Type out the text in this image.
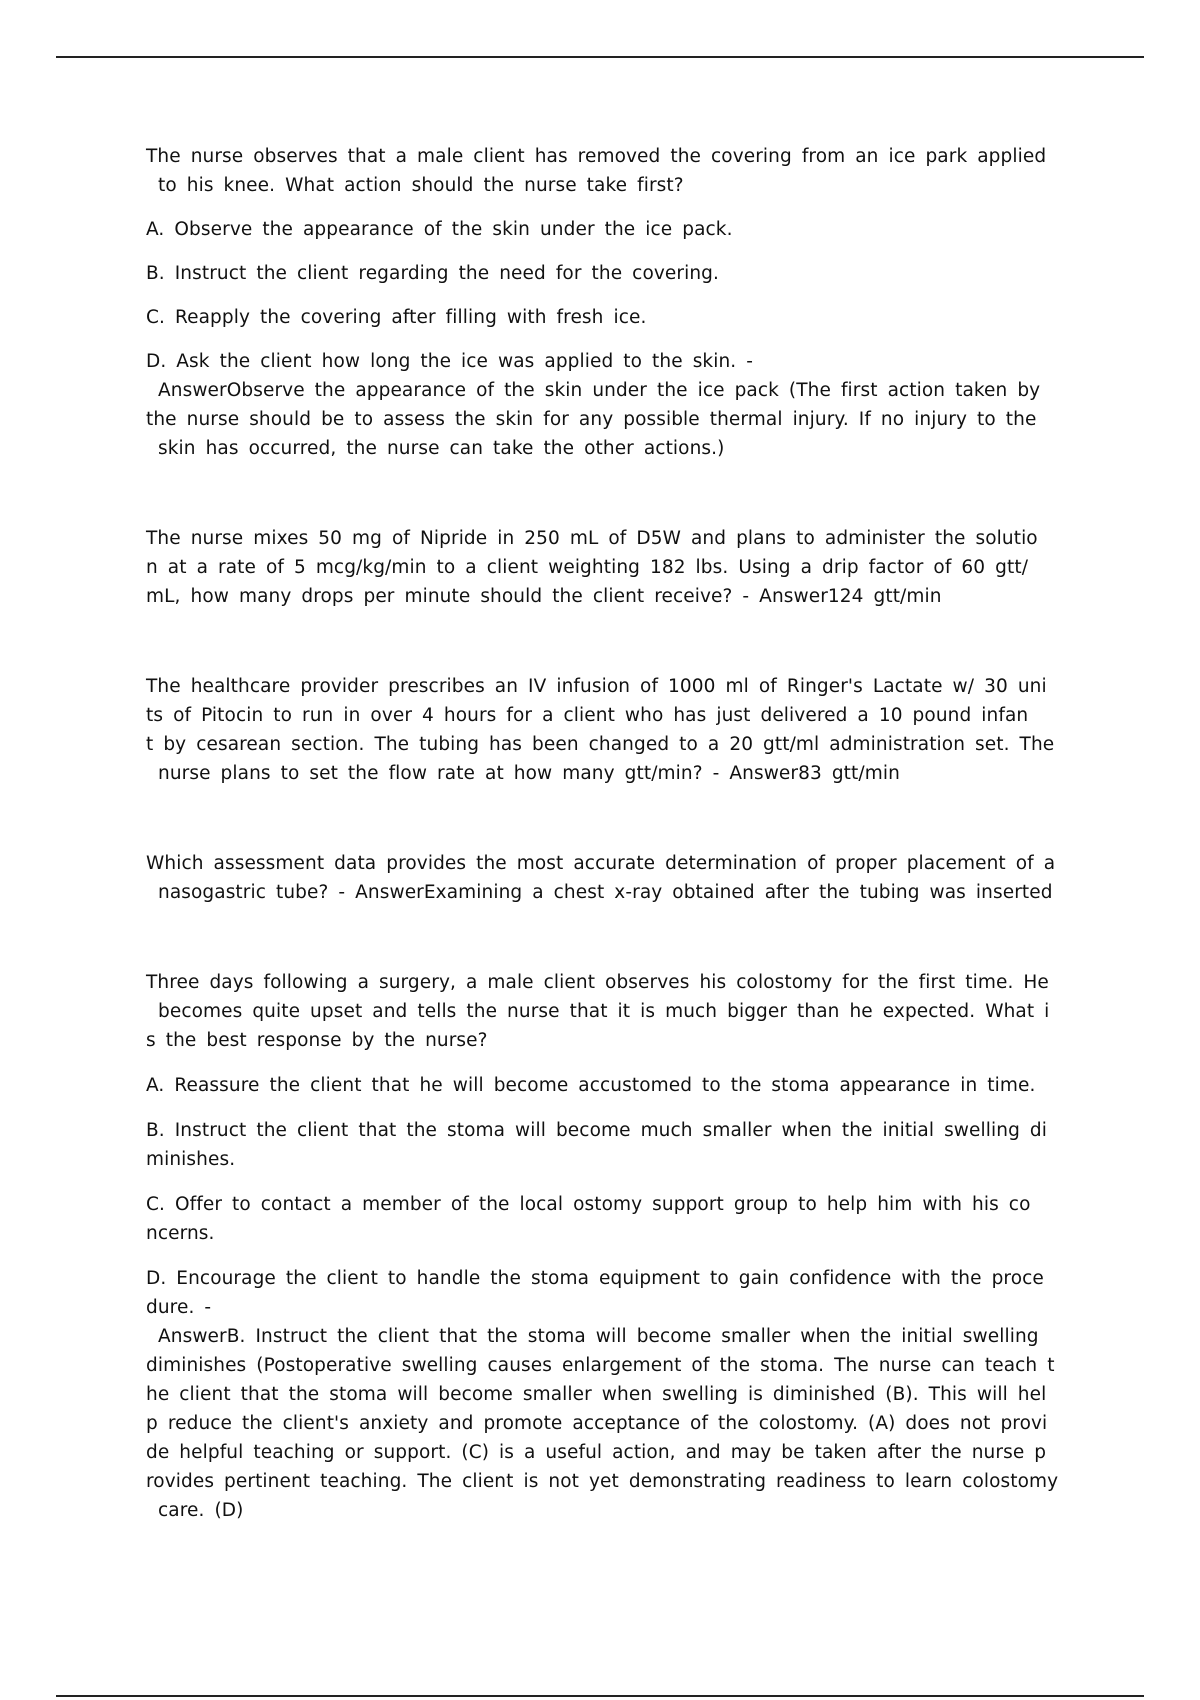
The nurse observes that a male client has removed the covering from an ice park applied
to his knee. What action should the nurse take first?
A. Observe the appearance of the skin under the ice pack.
B. Instruct the client regarding the need for the covering.
C. Reapply the covering after filling with fresh ice.
D. Ask the client how long the ice was applied to the skin. -
AnswerObserve the appearance of the skin under the ice pack (The first action taken by
the nurse should be to assess the skin for any possible thermal injury. If no injury to the
skin has occurred, the nurse can take the other actions.)
The nurse mixes 50 mg of Nipride in 250 mL of D5W and plans to administer the solutio
n at a rate of 5 mcg/kg/min to a client weighting 182 lbs. Using a drip factor of 60 gtt/
mL, how many drops per minute should the client receive? - Answer124 gtt/min
The healthcare provider prescribes an IV infusion of 1000 ml of Ringer's Lactate w/ 30 uni
ts of Pitocin to run in over 4 hours for a client who has just delivered a 10 pound infan
t by cesarean section. The tubing has been changed to a 20 gtt/ml administration set. The
nurse plans to set the flow rate at how many gtt/min? - Answer83 gtt/min
Which assessment data provides the most accurate determination of proper placement of a
nasogastric tube? - AnswerExamining a chest x-ray obtained after the tubing was inserted
Three days following a surgery, a male client observes his colostomy for the first time. He
becomes quite upset and tells the nurse that it is much bigger than he expected. What i
s the best response by the nurse?
A. Reassure the client that he will become accustomed to the stoma appearance in time.
B. Instruct the client that the stoma will become much smaller when the initial swelling di
minishes.
C. Offer to contact a member of the local ostomy support group to help him with his co
ncerns.
D. Encourage the client to handle the stoma equipment to gain confidence with the proce
dure. -
AnswerB. Instruct the client that the stoma will become smaller when the initial swelling
diminishes (Postoperative swelling causes enlargement of the stoma. The nurse can teach t
he client that the stoma will become smaller when swelling is diminished (B). This will hel
p reduce the client's anxiety and promote acceptance of the colostomy. (A) does not provi
de helpful teaching or support. (C) is a useful action, and may be taken after the nurse p
rovides pertinent teaching. The client is not yet demonstrating readiness to learn colostomy
care. (D)
